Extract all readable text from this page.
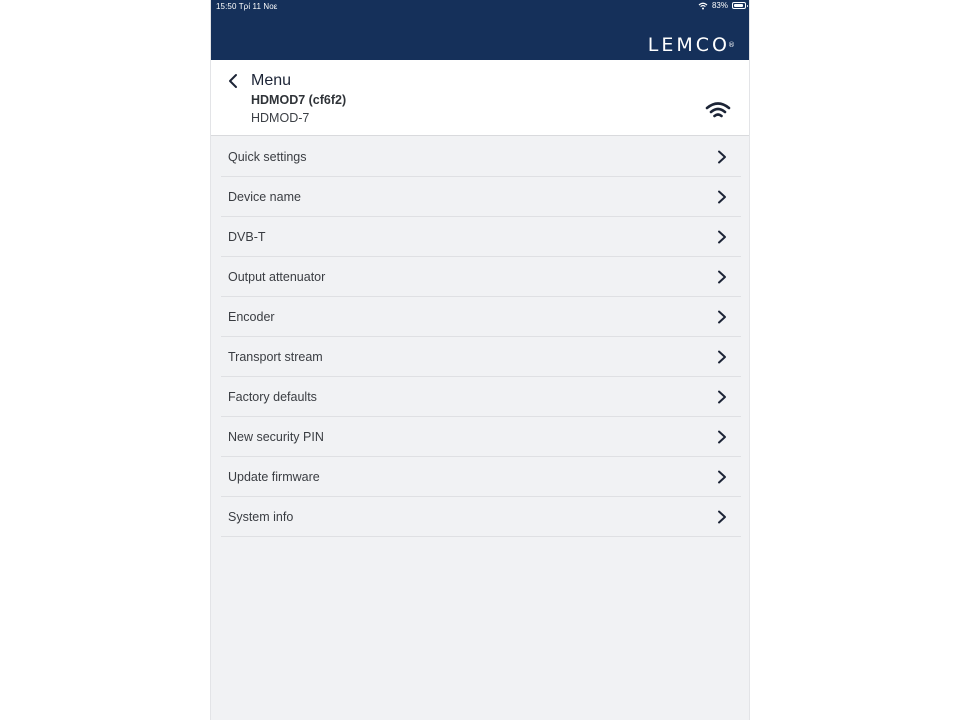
15:50 Τρί 11 Νοε	83%
LEMCO®
Menu
HDMOD7 (cf6f2)
HDMOD-7
Quick settings
Device name
DVB-T
Output attenuator
Encoder
Transport stream
Factory defaults
New security PIN
Update firmware
System info
